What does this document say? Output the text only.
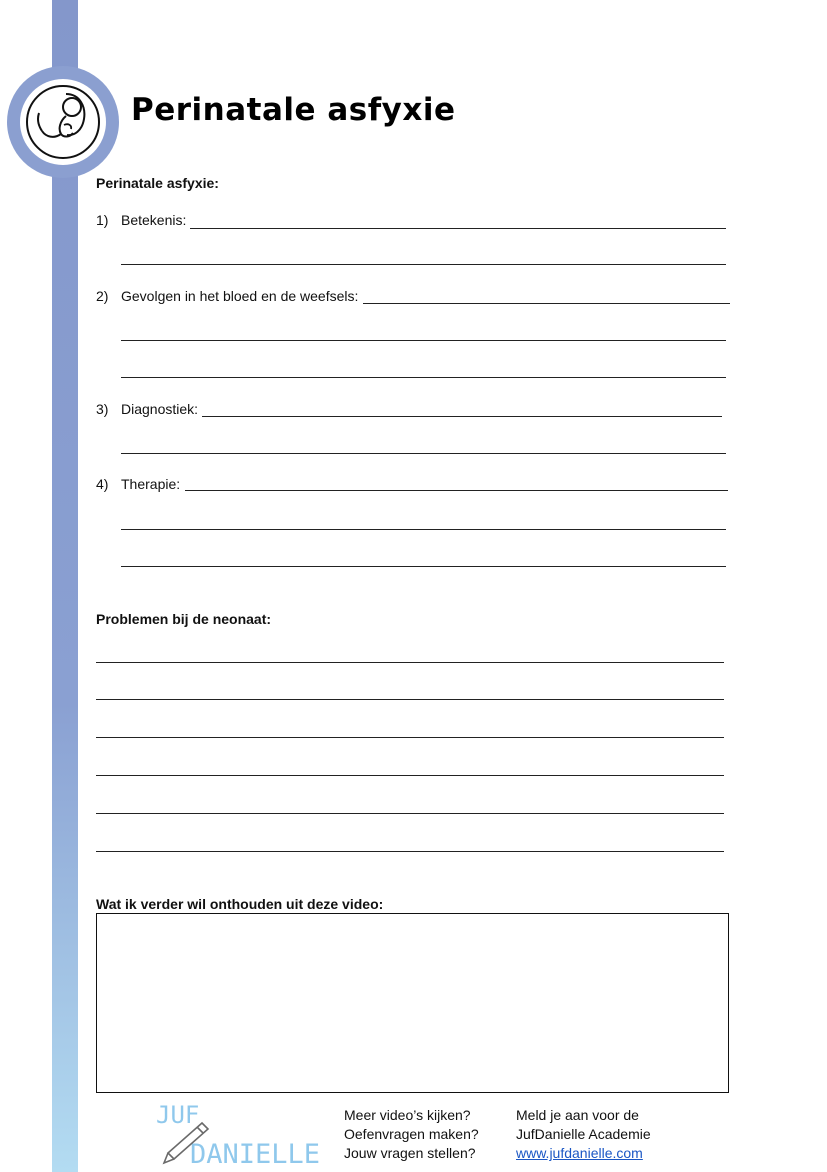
Perinatale asfyxie

Perinatale asfyxie:

1) Betekenis:
2) Gevolgen in het bloed en de weefsels:
3) Diagnostiek:
4) Therapie:

Problemen bij de neonaat:

Wat ik verder wil onthouden uit deze video:

JUF
DANIELLE
Meer video’s kijken?
Oefenvragen maken?
Jouw vragen stellen?
Meld je aan voor de
JufDanielle Academie
www.jufdanielle.com
